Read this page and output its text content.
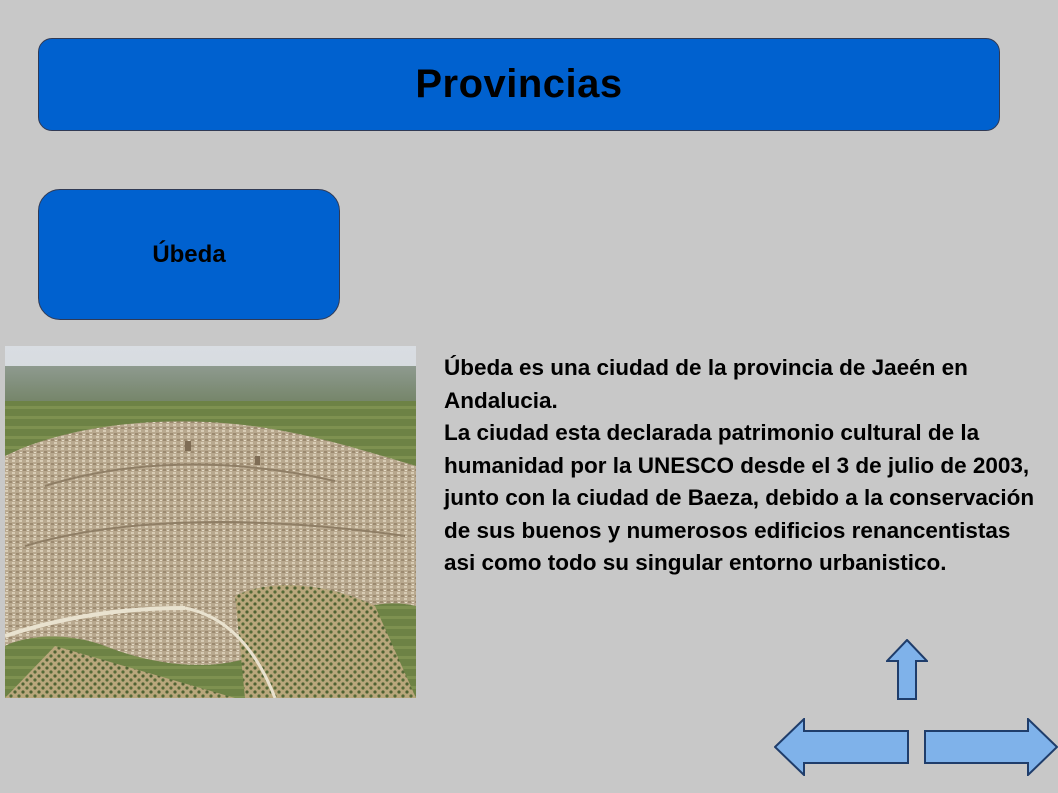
Provincias
Úbeda

Úbeda es una ciudad de la provincia de Jaeén en Andalucia.

La ciudad esta declarada patrimonio cultural de la humanidad por la UNESCO desde el 3 de julio de 2003, junto con la ciudad de Baeza, debido a la conservación de sus buenos y numerosos edificios renancentistas asi como todo su singular entorno urbanistico.
